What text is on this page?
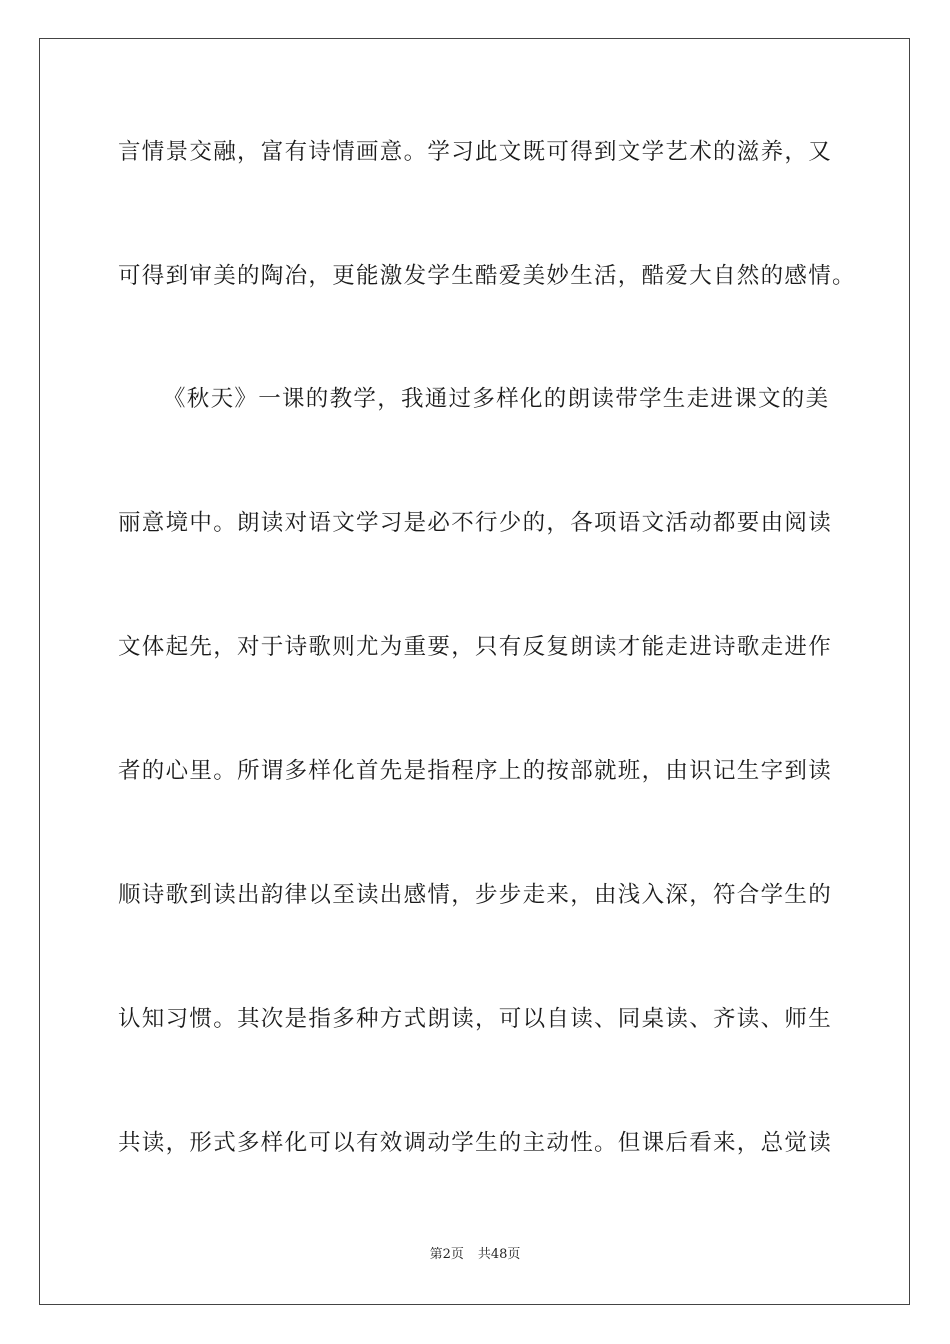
言情景交融，富有诗情画意。学习此文既可得到文学艺术的滋养，又
可得到审美的陶冶，更能激发学生酷爱美妙生活，酷爱大自然的感情。
《秋天》一课的教学，我通过多样化的朗读带学生走进课文的美
丽意境中。朗读对语文学习是必不行少的，各项语文活动都要由阅读
文体起先，对于诗歌则尤为重要，只有反复朗读才能走进诗歌走进作
者的心里。所谓多样化首先是指程序上的按部就班，由识记生字到读
顺诗歌到读出韵律以至读出感情，步步走来，由浅入深，符合学生的
认知习惯。其次是指多种方式朗读，可以自读、同桌读、齐读、师生
共读，形式多样化可以有效调动学生的主动性。但课后看来，总觉读
第2页 共48页
